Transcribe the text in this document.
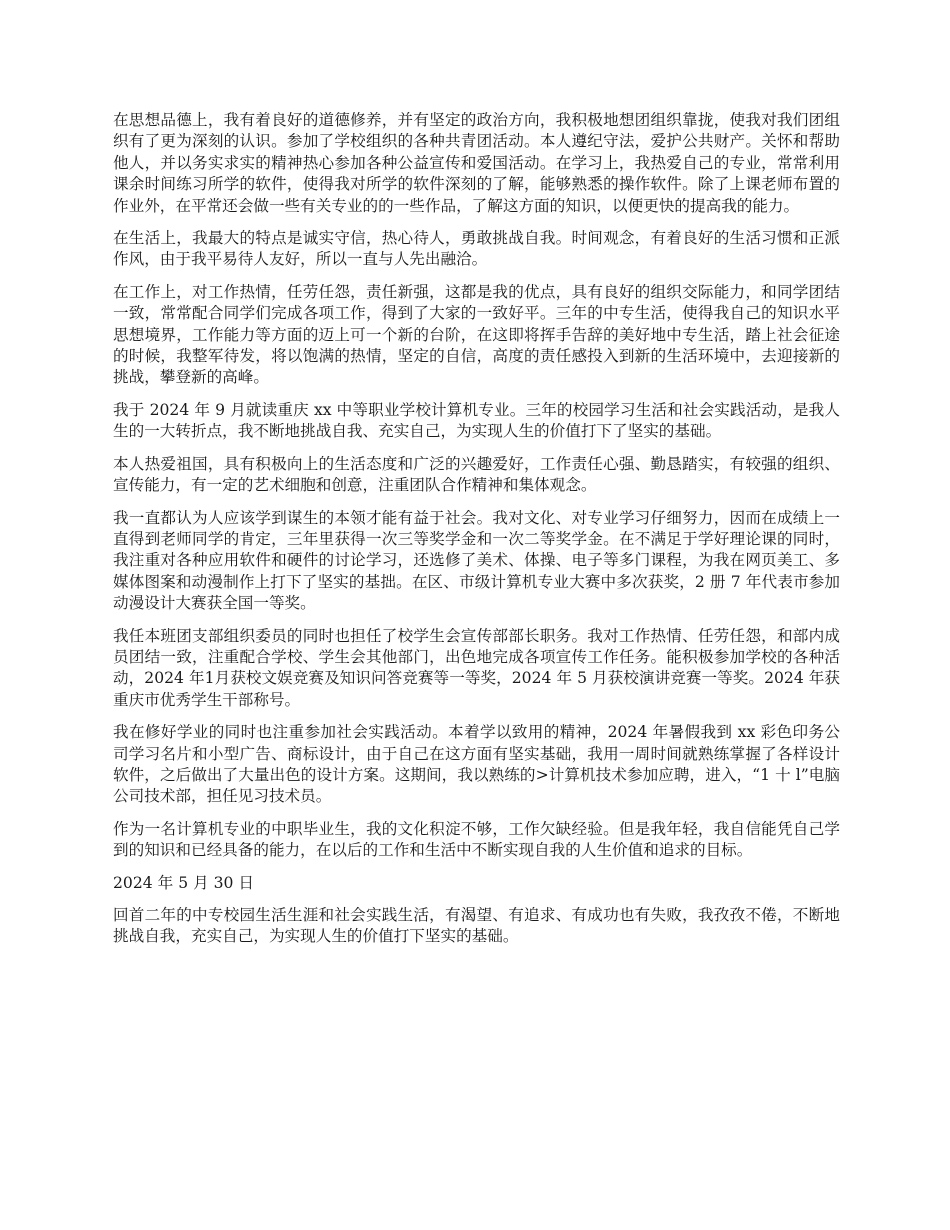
在思想品德上，我有着良好的道德修养，并有坚定的政治方向，我积极地想团组织靠拢，使我对我们团组织有了更为深刻的认识。参加了学校组织的各种共青团活动。本人遵纪守法，爱护公共财产。关怀和帮助他人，并以务实求实的精神热心参加各种公益宣传和爱国活动。在学习上，我热爱自己的专业，常常利用课余时间练习所学的软件，使得我对所学的软件深刻的了解，能够熟悉的操作软件。除了上课老师布置的作业外，在平常还会做一些有关专业的的一些作品，了解这方面的知识，以便更快的提高我的能力。

在生活上，我最大的特点是诚实守信，热心待人，勇敢挑战自我。时间观念，有着良好的生活习惯和正派作风，由于我平易待人友好，所以一直与人先出融洽。

在工作上，对工作热情，任劳任怨，责任新强，这都是我的优点，具有良好的组织交际能力，和同学团结一致，常常配合同学们完成各项工作，得到了大家的一致好平。三年的中专生活，使得我自己的知识水平思想境界，工作能力等方面的迈上可一个新的台阶，在这即将挥手告辞的美好地中专生活，踏上社会征途的时候，我整军待发，将以饱满的热情，坚定的自信，高度的责任感投入到新的生活环境中，去迎接新的挑战，攀登新的高峰。

我于 2024 年 9 月就读重庆 xx 中等职业学校计算机专业。三年的校园学习生活和社会实践活动，是我人生的一大转折点，我不断地挑战自我、充实自己，为实现人生的价值打下了坚实的基础。

本人热爱祖国，具有积极向上的生活态度和广泛的兴趣爱好，工作责任心强、勤恳踏实，有较强的组织、宣传能力，有一定的艺术细胞和创意，注重团队合作精神和集体观念。

我一直都认为人应该学到谋生的本领才能有益于社会。我对文化、对专业学习仔细努力，因而在成绩上一直得到老师同学的肯定，三年里获得一次三等奖学金和一次二等奖学金。在不满足于学好理论课的同时，我注重对各种应用软件和硬件的讨论学习，还选修了美术、体操、电子等多门课程，为我在网页美工、多媒体图案和动漫制作上打下了坚实的基拙。在区、市级计算机专业大赛中多次获奖，2 册 7 年代表市参加动漫设计大赛获全国一等奖。

我任本班团支部组织委员的同时也担任了校学生会宣传部部长职务。我对工作热情、任劳任怨，和部内成员团结一致，注重配合学校、学生会其他部门，出色地完成各项宣传工作任务。能积极参加学校的各种活动，2024 年1月获校文娱竞赛及知识问答竞赛等一等奖，2024 年 5 月获校演讲竞赛一等奖。2024 年获重庆市优秀学生干部称号。

我在修好学业的同时也注重参加社会实践活动。本着学以致用的精神，2024 年暑假我到 xx 彩色印务公司学习名片和小型广告、商标设计，由于自己在这方面有坚实基础，我用一周时间就熟练掌握了各样设计软件，之后做出了大量出色的设计方案。这期间，我以熟练的>计算机技术参加应聘，进入，“1 十 l”电脑公司技术部，担任见习技术员。

作为一名计算机专业的中职毕业生，我的文化积淀不够，工作欠缺经验。但是我年轻，我自信能凭自己学到的知识和已经具备的能力，在以后的工作和生活中不断实现自我的人生价值和追求的目标。

2024 年 5 月 30 日

回首二年的中专校园生活生涯和社会实践生活，有渴望、有追求、有成功也有失败，我孜孜不倦，不断地挑战自我，充实自己，为实现人生的价值打下坚实的基础。
